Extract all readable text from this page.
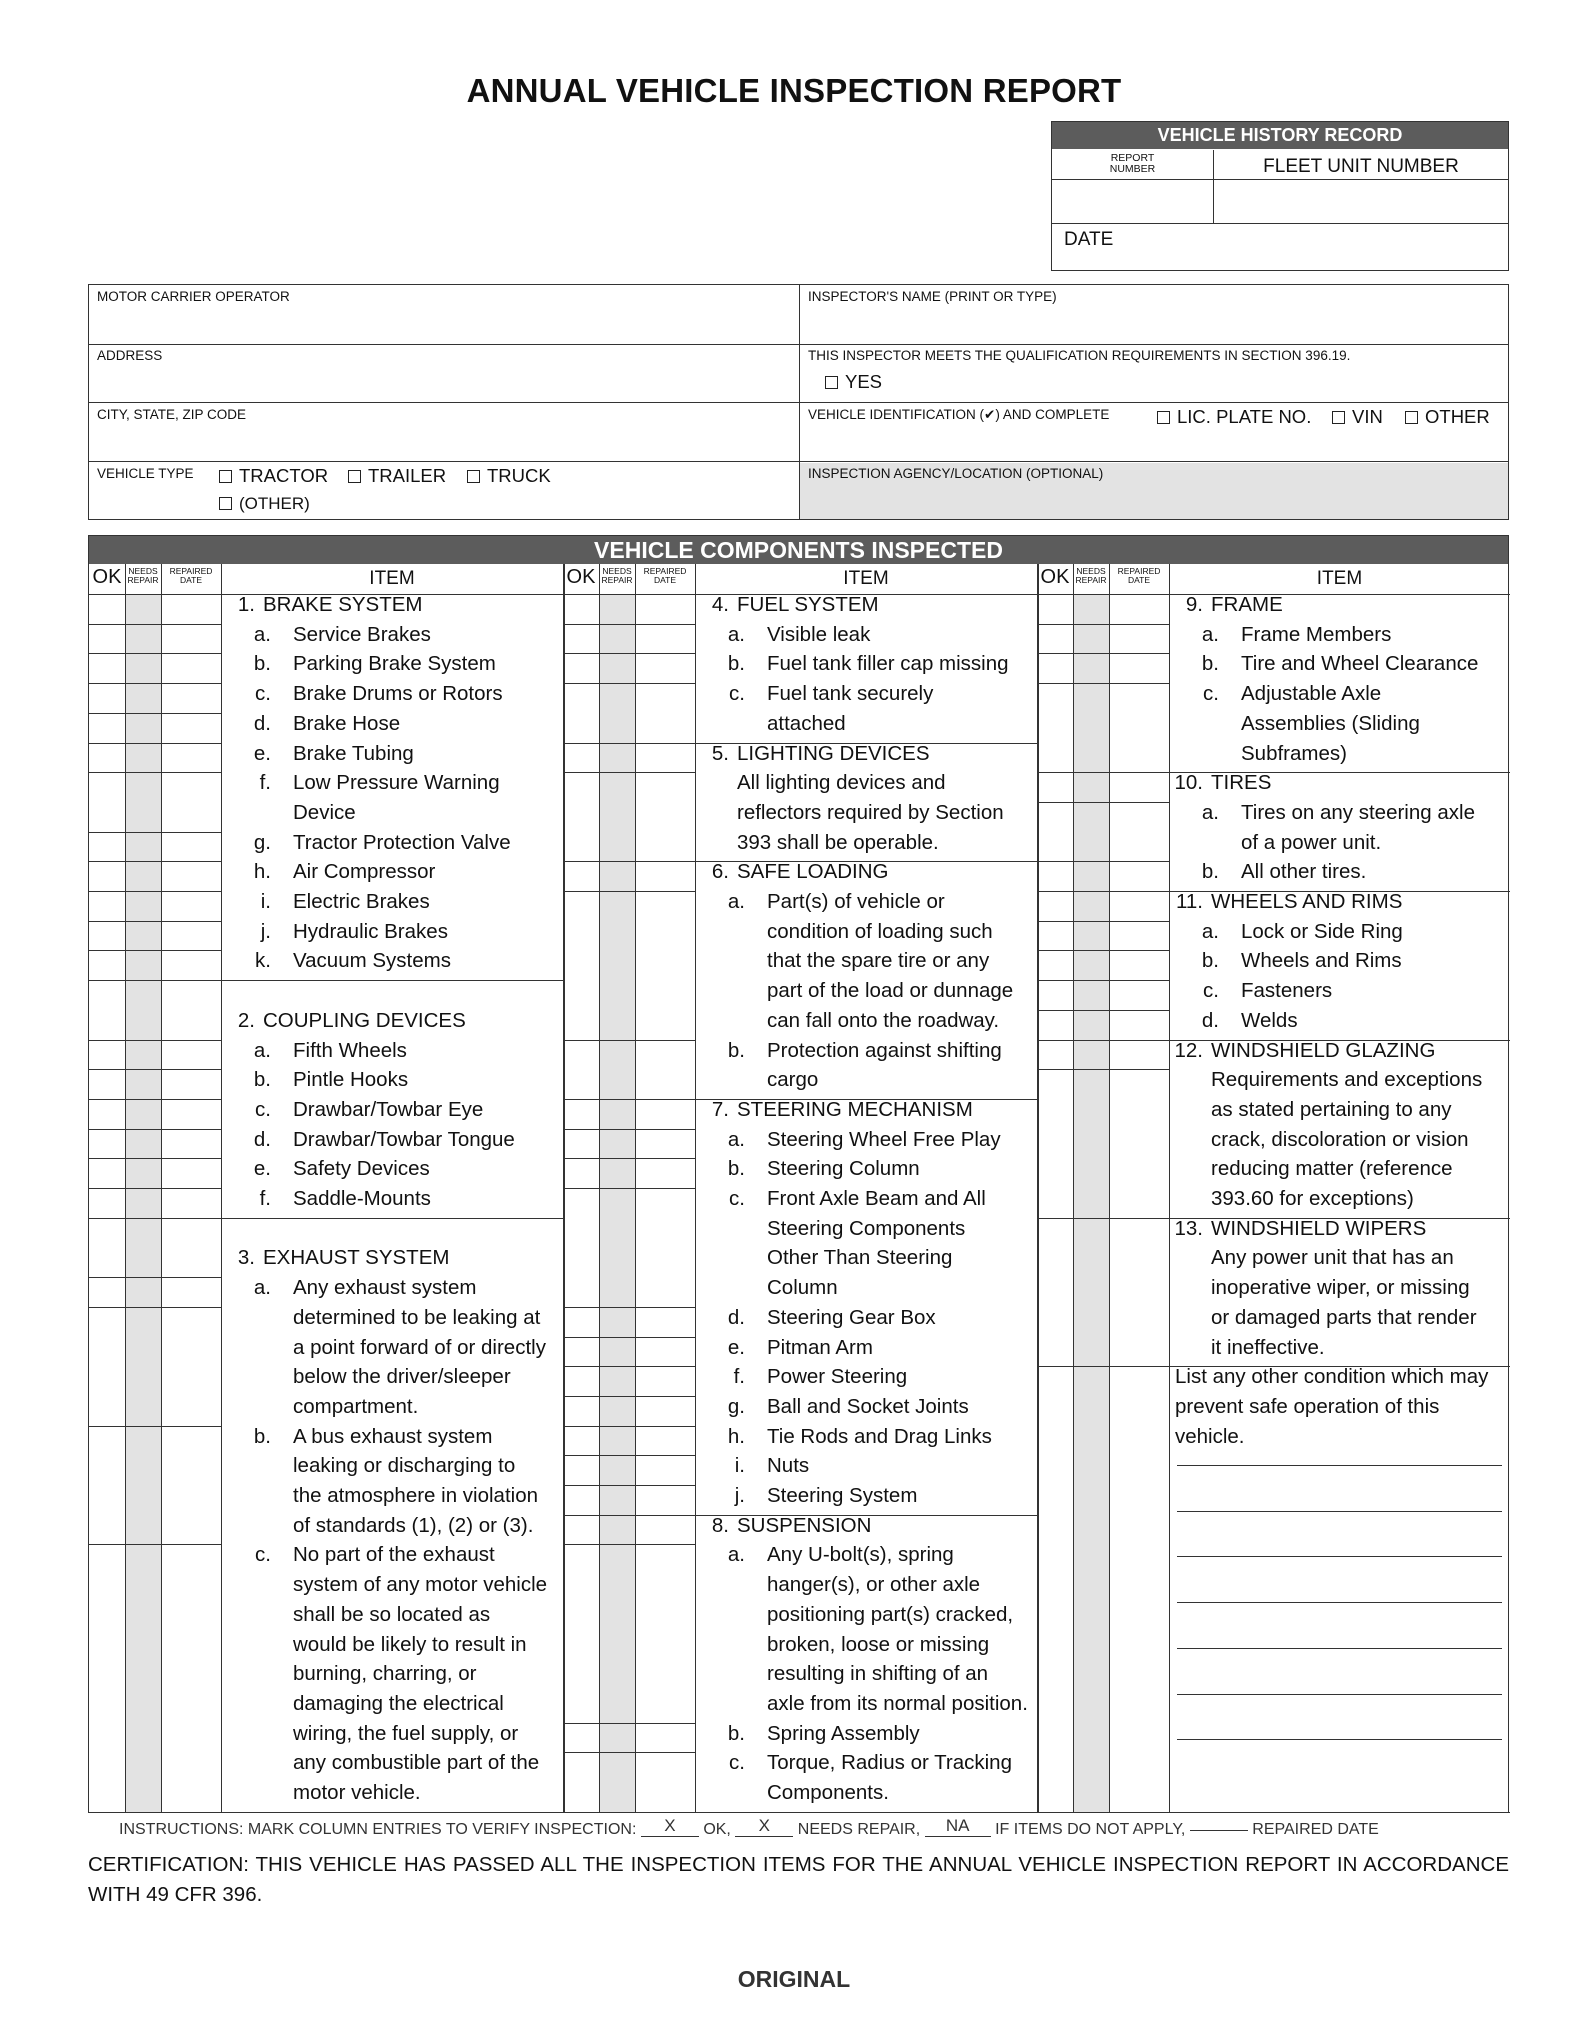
ANNUAL VEHICLE INSPECTION REPORT
VEHICLE HISTORY RECORD
REPORT NUMBER	FLEET UNIT NUMBER
DATE
MOTOR CARRIER OPERATOR	INSPECTOR'S NAME (PRINT OR TYPE)
ADDRESS	THIS INSPECTOR MEETS THE QUALIFICATION REQUIREMENTS IN SECTION 396.19.
YES
CITY, STATE, ZIP CODE	VEHICLE IDENTIFICATION (✔) AND COMPLETE	LIC. PLATE NO.	VIN	OTHER
VEHICLE TYPE	TRACTOR	TRAILER	TRUCK
(OTHER)
INSPECTION AGENCY/LOCATION (OPTIONAL)
VEHICLE COMPONENTS INSPECTED
OK NEEDS REPAIR
REPAIRED DATE	ITEM
1. BRAKE SYSTEM
a. Service Brakes
b. Parking Brake System
c. Brake Drums or Rotors
d. Brake Hose
e. Brake Tubing
f. Low Pressure Warning
Device
g. Tractor Protection Valve
h. Air Compressor
i. Electric Brakes
j. Hydraulic Brakes
k. Vacuum Systems
2. COUPLING DEVICES
a. Fifth Wheels
b. Pintle Hooks
c. Drawbar/Towbar Eye
d. Drawbar/Towbar Tongue
e. Safety Devices
f. Saddle-Mounts
3. EXHAUST SYSTEM
a. Any exhaust system
determined to be leaking at
a point forward of or directly
below the driver/sleeper
compartment.
b. A bus exhaust system
leaking or discharging to
the atmosphere in violation
of standards (1), (2) or (3).
c. No part of the exhaust
system of any motor vehicle
shall be so located as
would be likely to result in
burning, charring, or
damaging the electrical
wiring, the fuel supply, or
any combustible part of the
motor vehicle.
OK NEEDS REPAIR
REPAIRED DATE	ITEM
4. FUEL SYSTEM
a. Visible leak
b. Fuel tank filler cap missing
c. Fuel tank securely
attached
5. LIGHTING DEVICES
All lighting devices and
reflectors required by Section
393 shall be operable.
6. SAFE LOADING
a. Part(s) of vehicle or
condition of loading such
that the spare tire or any
part of the load or dunnage
can fall onto the roadway.
b. Protection against shifting
cargo
7. STEERING MECHANISM
a. Steering Wheel Free Play
b. Steering Column
c. Front Axle Beam and All
Steering Components
Other Than Steering
Column
d. Steering Gear Box
e. Pitman Arm
f. Power Steering
g. Ball and Socket Joints
h. Tie Rods and Drag Links
i. Nuts
j. Steering System
8. SUSPENSION
a. Any U-bolt(s), spring
hanger(s), or other axle
positioning part(s) cracked,
broken, loose or missing
resulting in shifting of an
axle from its normal position.
b. Spring Assembly
c. Torque, Radius or Tracking
Components.
OK NEEDS REPAIR
REPAIRED DATE	ITEM
9. FRAME
a. Frame Members
b. Tire and Wheel Clearance
c. Adjustable Axle
Assemblies (Sliding
Subframes)
10. TIRES
a. Tires on any steering axle
of a power unit.
b. All other tires.
11. WHEELS AND RIMS
a. Lock or Side Ring
b. Wheels and Rims
c. Fasteners
d. Welds
12. WINDSHIELD GLAZING
Requirements and exceptions
as stated pertaining to any
crack, discoloration or vision
reducing matter (reference
393.60 for exceptions)
13. WINDSHIELD WIPERS
Any power unit that has an
inoperative wiper, or missing
or damaged parts that render
it ineffective.
List any other condition which may
prevent safe operation of this
vehicle.
INSTRUCTIONS: MARK COLUMN ENTRIES TO VERIFY INSPECTION: X OK, X NEEDS REPAIR, NA IF ITEMS DO NOT APPLY,	REPAIRED DATE
CERTIFICATION: THIS VEHICLE HAS PASSED ALL THE INSPECTION ITEMS FOR THE ANNUAL VEHICLE INSPECTION REPORT IN ACCORDANCE WITH 49 CFR 396.
ORIGINAL
